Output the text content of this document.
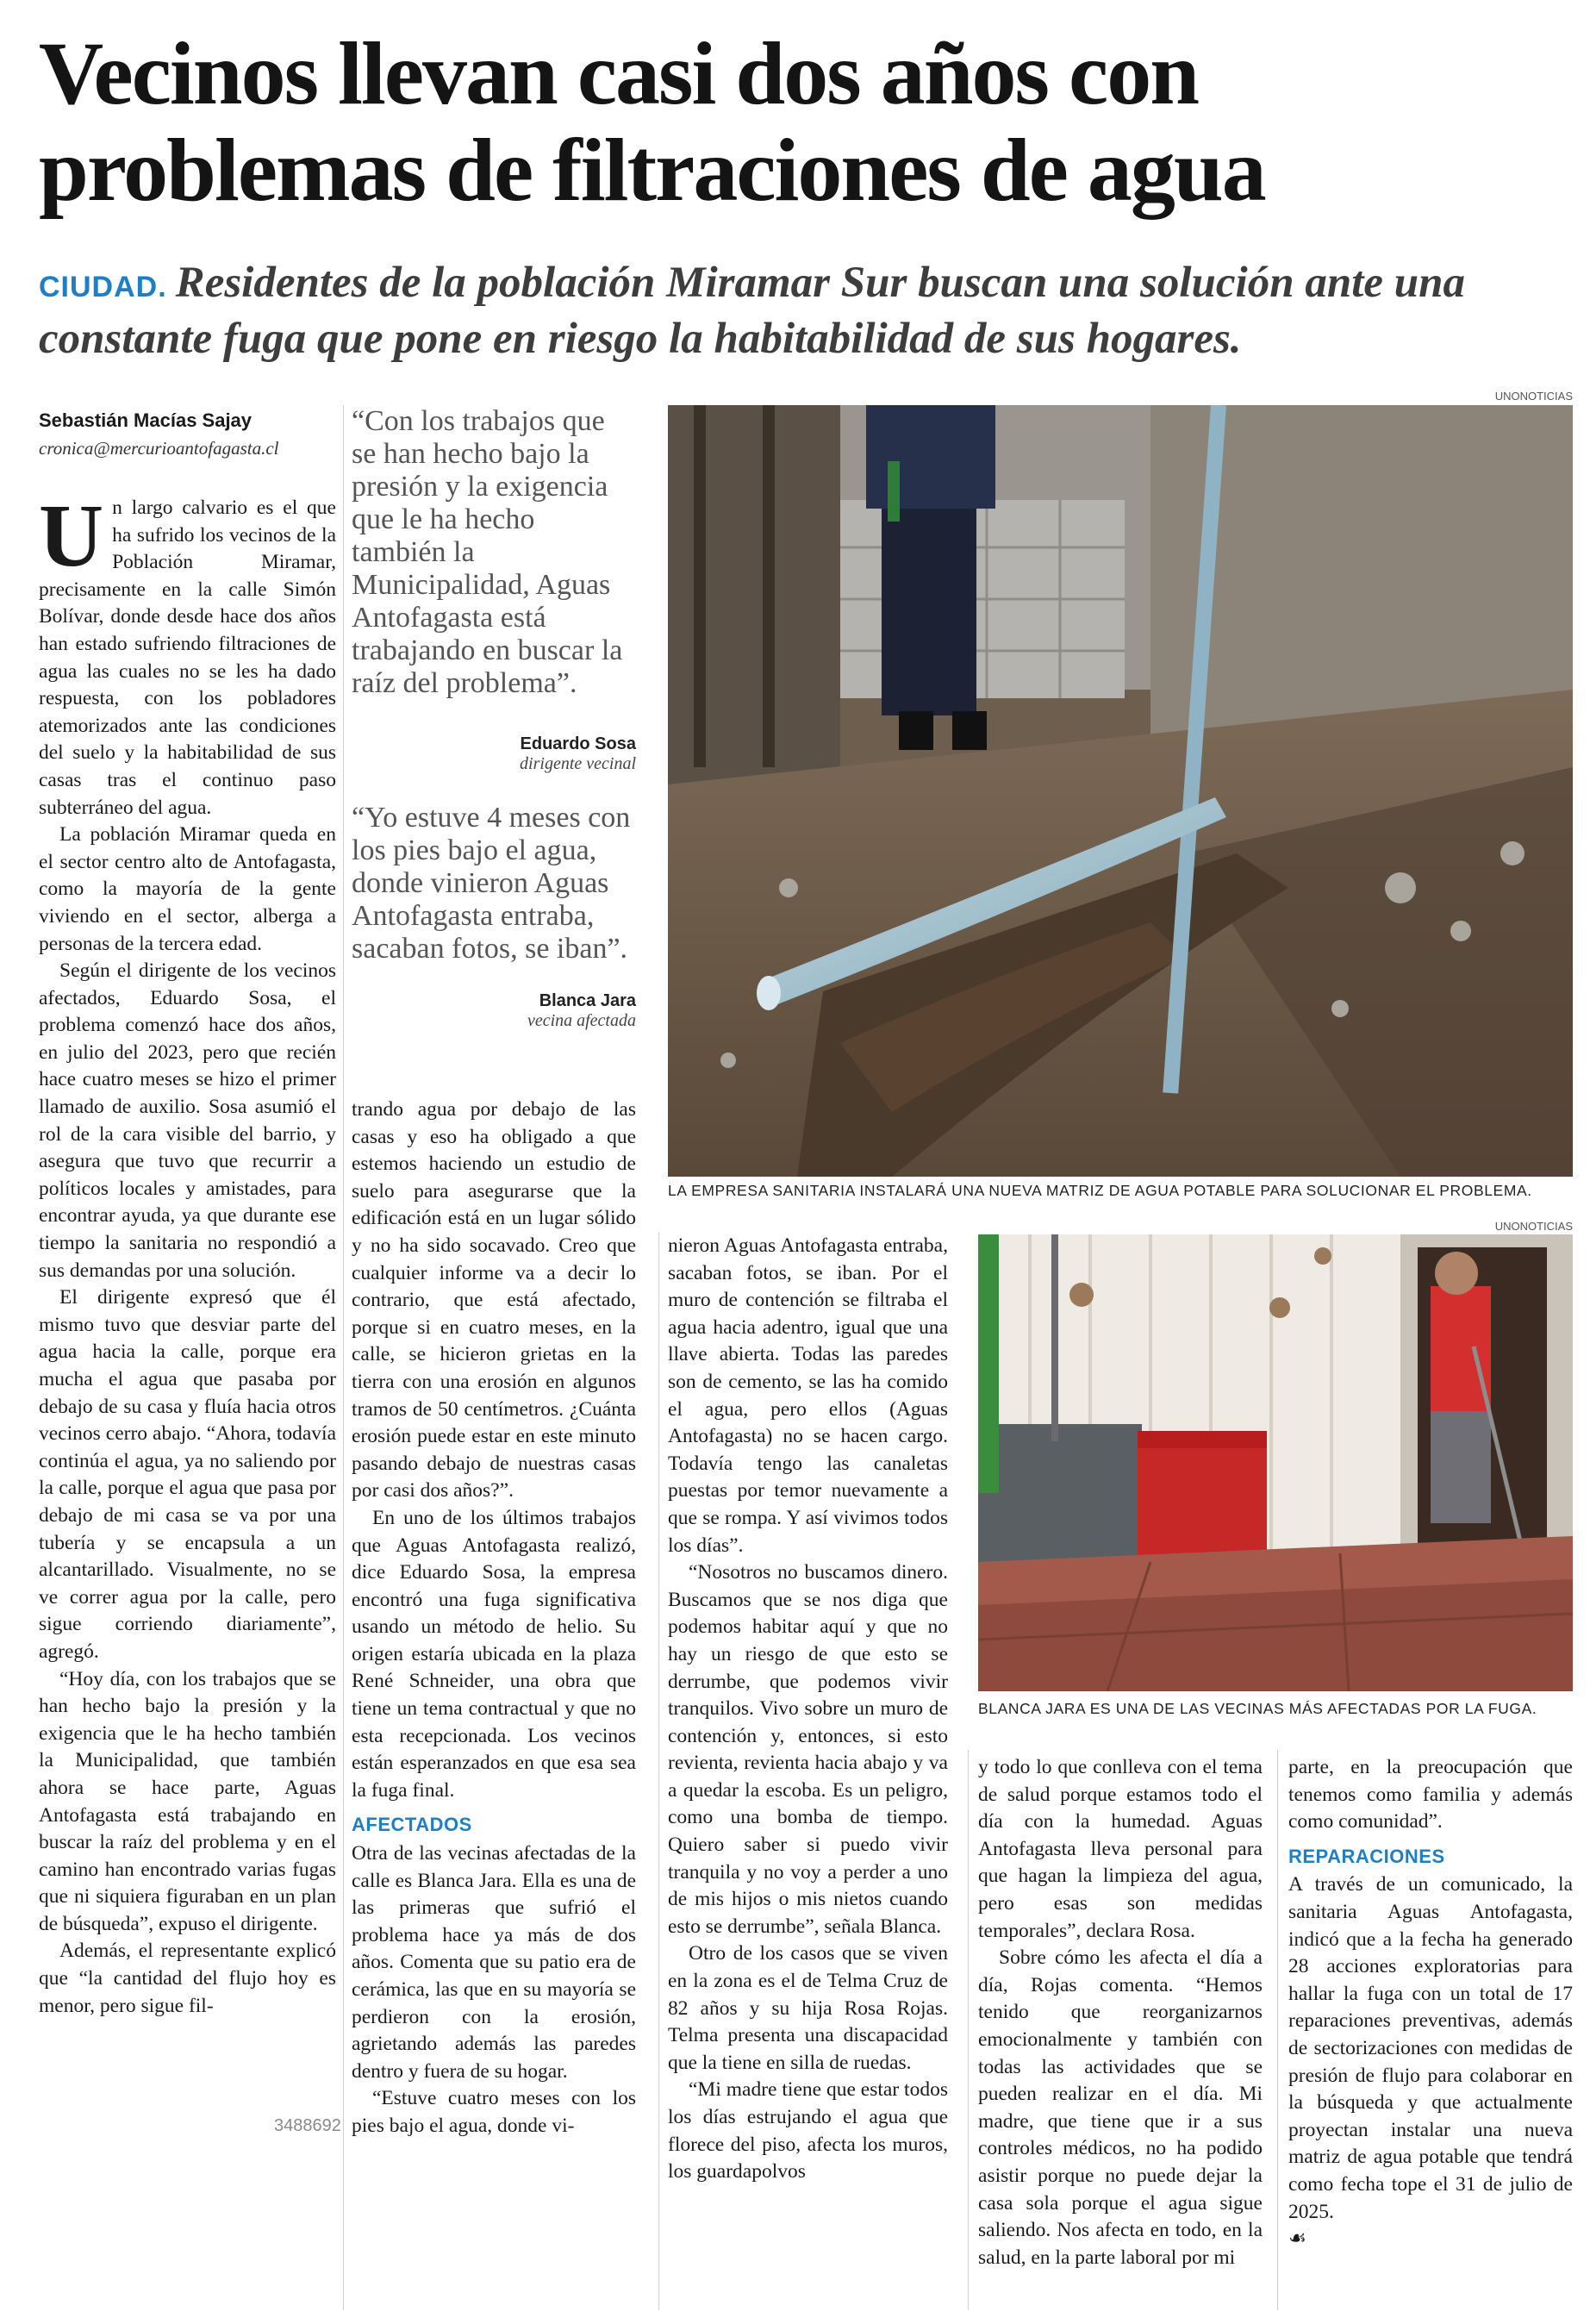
Vecinos llevan casi dos años con problemas de filtraciones de agua
CIUDAD. Residentes de la población Miramar Sur buscan una solución ante una constante fuga que pone en riesgo la habitabilidad de sus hogares.
Sebastián Macías Sajay
cronica@mercurioantofagasta.cl

Un largo calvario es el que ha sufrido los vecinos de la Población Miramar, precisamente en la calle Simón Bolívar, donde desde hace dos años han estado sufriendo filtraciones de agua las cuales no se les ha dado respuesta, con los pobladores atemorizados ante las condiciones del suelo y la habitabilidad de sus casas tras el continuo paso subterráneo del agua.

La población Miramar queda en el sector centro alto de Antofagasta, como la mayoría de la gente viviendo en el sector, alberga a personas de la tercera edad.

Según el dirigente de los vecinos afectados, Eduardo Sosa, el problema comenzó hace dos años, en julio del 2023, pero que recién hace cuatro meses se hizo el primer llamado de auxilio. Sosa asumió el rol de la cara visible del barrio, y asegura que tuvo que recurrir a políticos locales y amistades, para encontrar ayuda, ya que durante ese tiempo la sanitaria no respondió a sus demandas por una solución.

El dirigente expresó que él mismo tuvo que desviar parte del agua hacia la calle, porque era mucha el agua que pasaba por debajo de su casa y fluía hacia otros vecinos cerro abajo. “Ahora, todavía continúa el agua, ya no saliendo por la calle, porque el agua que pasa por debajo de mi casa se va por una tubería y se encapsula a un alcantarillado. Visualmente, no se ve correr agua por la calle, pero sigue corriendo diariamente”, agregó.

“Hoy día, con los trabajos que se han hecho bajo la presión y la exigencia que le ha hecho también la Municipalidad, que también ahora se hace parte, Aguas Antofagasta está trabajando en buscar la raíz del problema y en el camino han encontrado varias fugas que ni siquiera figuraban en un plan de búsqueda”, expuso el dirigente.

Además, el representante explicó que “la cantidad del flujo hoy es menor, pero sigue fil-

“Con los trabajos que se han hecho bajo la presión y la exigencia que le ha hecho también la Municipalidad, Aguas Antofagasta está trabajando en buscar la raíz del problema”.
Eduardo Sosa
dirigente vecinal
“Yo estuve 4 meses con los pies bajo el agua, donde vinieron Aguas Antofagasta entraba, sacaban fotos, se iban”.
Blanca Jara
vecina afectada

trando agua por debajo de las casas y eso ha obligado a que estemos haciendo un estudio de suelo para asegurarse que la edificación está en un lugar sólido y no ha sido socavado. Creo que cualquier informe va a decir lo contrario, que está afectado, porque si en cuatro meses, en la calle, se hicieron grietas en la tierra con una erosión en algunos tramos de 50 centímetros. ¿Cuánta erosión puede estar en este minuto pasando debajo de nuestras casas por casi dos años?”.

En uno de los últimos trabajos que Aguas Antofagasta realizó, dice Eduardo Sosa, la empresa encontró una fuga significativa usando un método de helio. Su origen estaría ubicada en la plaza René Schneider, una obra que tiene un tema contractual y que no esta recepcionada. Los vecinos están esperanzados en que esa sea la fuga final.

AFECTADOS

Otra de las vecinas afectadas de la calle es Blanca Jara. Ella es una de las primeras que sufrió el problema hace ya más de dos años. Comenta que su patio era de cerámica, las que en su mayoría se perdieron con la erosión, agrietando además las paredes dentro y fuera de su hogar.

“Estuve cuatro meses con los pies bajo el agua, donde vi-

UNONOTICIAS
LA EMPRESA SANITARIA INSTALARÁ UNA NUEVA MATRIZ DE AGUA POTABLE PARA SOLUCIONAR EL PROBLEMA.
UNONOTICIAS
BLANCA JARA ES UNA DE LAS VECINAS MÁS AFECTADAS POR LA FUGA.

nieron Aguas Antofagasta entraba, sacaban fotos, se iban. Por el muro de contención se filtraba el agua hacia adentro, igual que una llave abierta. Todas las paredes son de cemento, se las ha comido el agua, pero ellos (Aguas Antofagasta) no se hacen cargo. Todavía tengo las canaletas puestas por temor nuevamente a que se rompa. Y así vivimos todos los días”.

“Nosotros no buscamos dinero. Buscamos que se nos diga que podemos habitar aquí y que no hay un riesgo de que esto se derrumbe, que podemos vivir tranquilos. Vivo sobre un muro de contención y, entonces, si esto revienta, revienta hacia abajo y va a quedar la escoba. Es un peligro, como una bomba de tiempo. Quiero saber si puedo vivir tranquila y no voy a perder a uno de mis hijos o mis nietos cuando esto se derrumbe”, señala Blanca.

Otro de los casos que se viven en la zona es el de Telma Cruz de 82 años y su hija Rosa Rojas. Telma presenta una discapacidad que la tiene en silla de ruedas.

“Mi madre tiene que estar todos los días estrujando el agua que florece del piso, afecta los muros, los guardapolvos

y todo lo que conlleva con el tema de salud porque estamos todo el día con la humedad. Aguas Antofagasta lleva personal para que hagan la limpieza del agua, pero esas son medidas temporales”, declara Rosa.

Sobre cómo les afecta el día a día, Rojas comenta. “Hemos tenido que reorganizarnos emocionalmente y también con todas las actividades que se pueden realizar en el día. Mi madre, que tiene que ir a sus controles médicos, no ha podido asistir porque no puede dejar la casa sola porque el agua sigue saliendo. Nos afecta en todo, en la salud, en la parte laboral por mi

parte, en la preocupación que tenemos como familia y además como comunidad”.

REPARACIONES

A través de un comunicado, la sanitaria Aguas Antofagasta, indicó que a la fecha ha generado 28 acciones exploratorias para hallar la fuga con un total de 17 reparaciones preventivas, además de sectorizaciones con medidas de presión de flujo para colaborar en la búsqueda y que actualmente proyectan instalar una nueva matriz de agua potable que tendrá como fecha tope el 31 de julio de 2025.

☙
3488692
